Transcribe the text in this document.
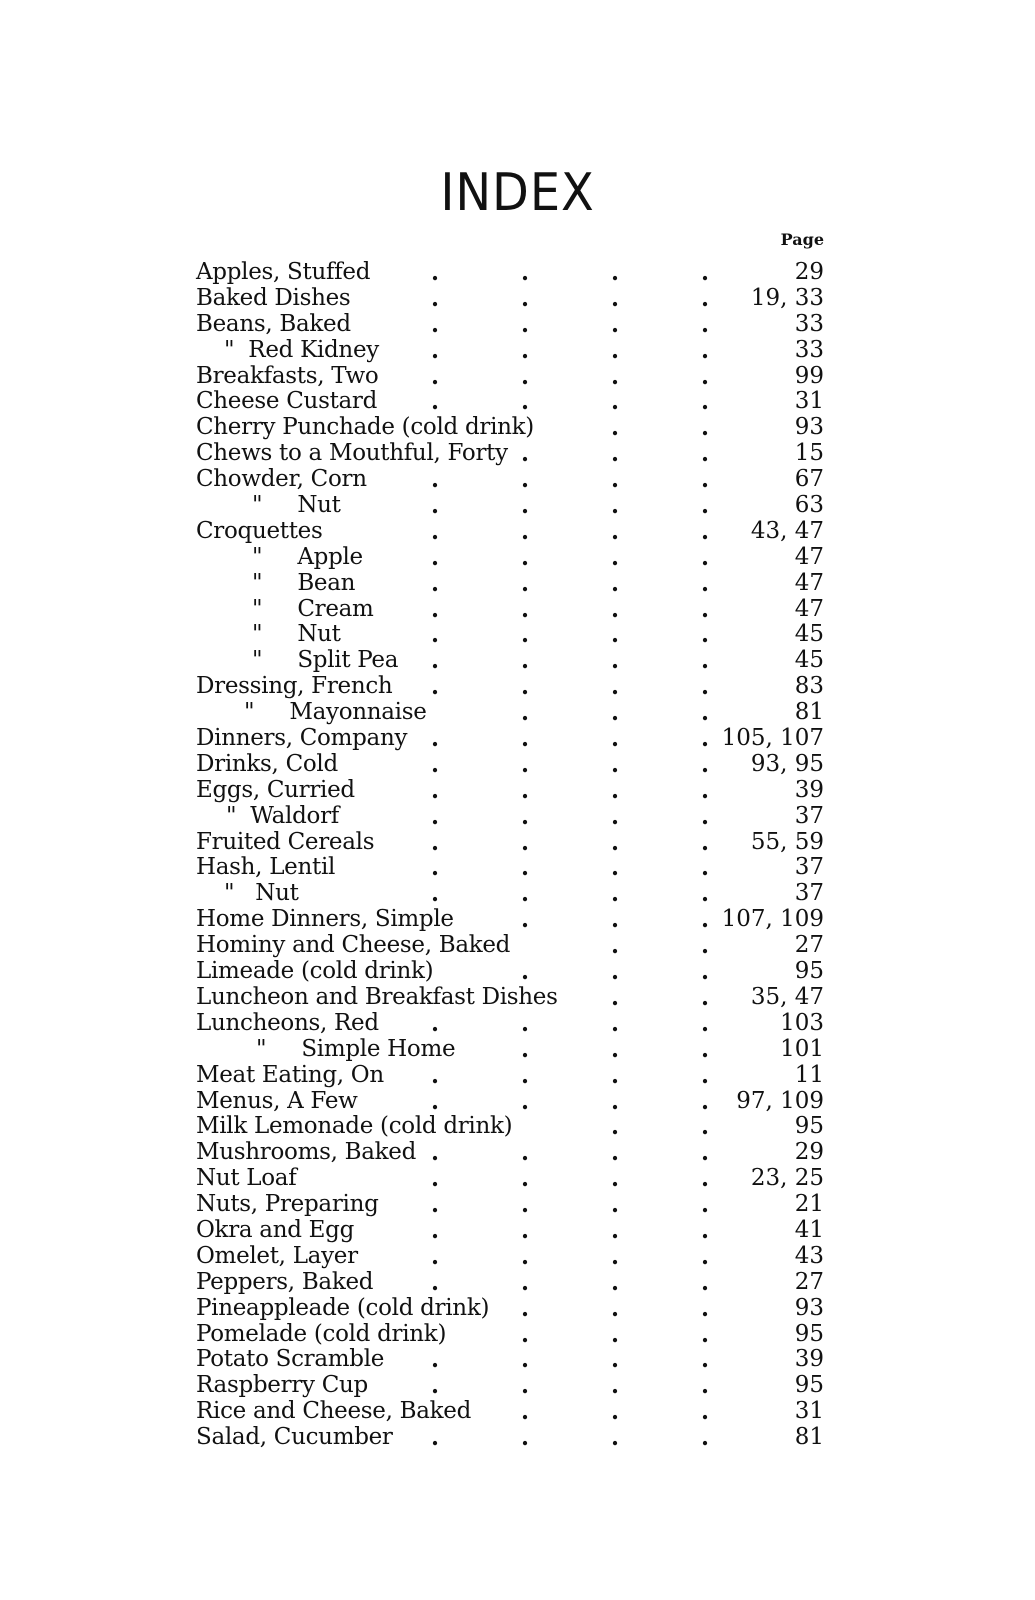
INDEX
Page
Apples, Stuffed	29
.	.	.	.
Baked Dishes	19, 33
.	.	.	.
Beans, Baked	33
.	.	.	.
"  Red Kidney	33
.	.	.	.
Breakfasts, Two	99
.	.	.	.
Cheese Custard	31
.	.	.	.
Cherry Punchade (cold drink)	93
.	.
Chews to a Mouthful, Forty	15
.	.	.
Chowder, Corn	67
.	.	.	.
"     Nut	63
.	.	.	.
Croquettes	43, 47
.	.	.	.
"     Apple	47
.	.	.	.
"     Bean	47
.	.	.	.
"     Cream	47
.	.	.	.
"     Nut	45
.	.	.	.
"     Split Pea	45
.	.	.	.
Dressing, French	83
.	.	.	.
"     Mayonnaise	81
.	.	.
Dinners, Company	105, 107
.	.	.	.
Drinks, Cold	93, 95
.	.	.	.
Eggs, Curried	39
.	.	.	.
"  Waldorf	37
.	.	.	.
Fruited Cereals	55, 59
.	.	.	.
Hash, Lentil	37
.	.	.	.
"   Nut	37
.	.	.	.
Home Dinners, Simple	107, 109
.	.	.
Hominy and Cheese, Baked	27
.	.
Limeade (cold drink)	95
.	.	.
Luncheon and Breakfast Dishes	35, 47
.	.
Luncheons, Red	103
.	.	.	.
"     Simple Home	101
.	.	.
Meat Eating, On	11
.	.	.	.
Menus, A Few	97, 109
.	.	.	.
Milk Lemonade (cold drink)	95
.	.
Mushrooms, Baked	29
.	.	.	.
Nut Loaf	23, 25
.	.	.	.
Nuts, Preparing	21
.	.	.	.
Okra and Egg	41
.	.	.	.
Omelet, Layer	43
.	.	.	.
Peppers, Baked	27
.	.	.	.
Pineappleade (cold drink)	93
.	.	.
Pomelade (cold drink)	95
.	.	.
Potato Scramble	39
.	.	.	.
Raspberry Cup	95
.	.	.	.
Rice and Cheese, Baked	31
.	.	.
Salad, Cucumber	81
.	.	.	.
